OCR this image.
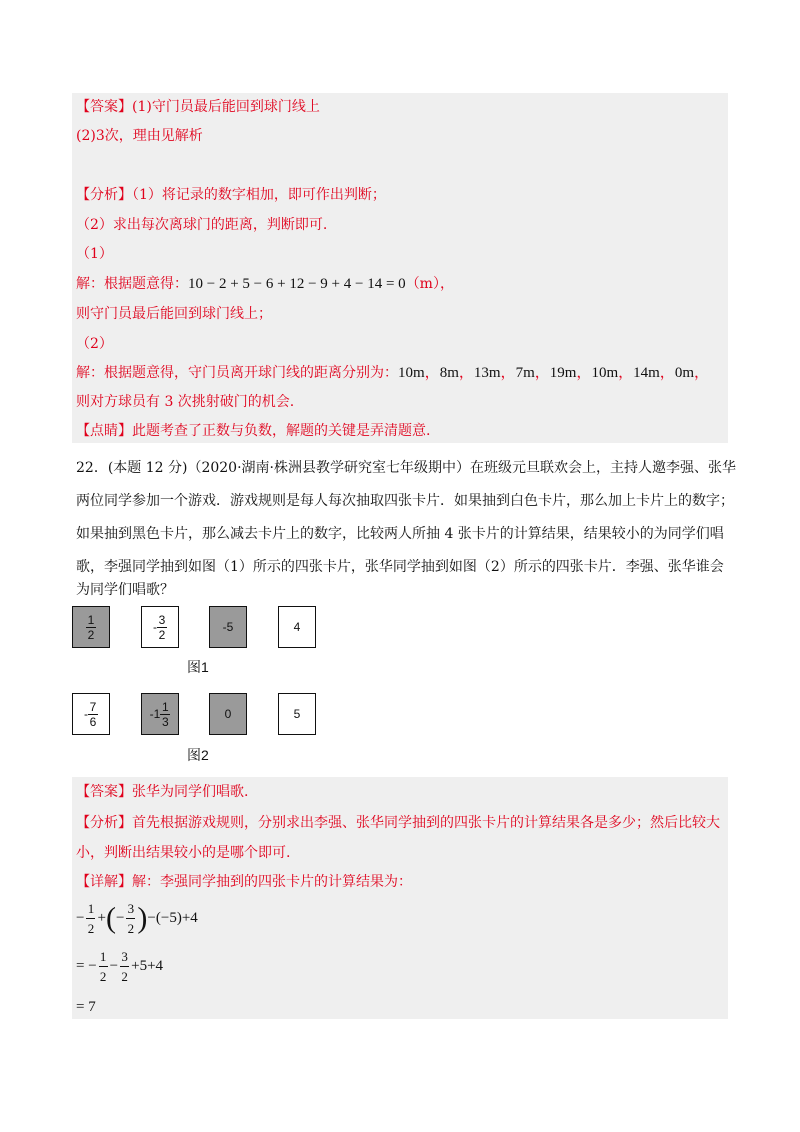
【答案】(1)守门员最后能回到球门线上
(2)3次，理由见解析
【分析】（1）将记录的数字相加，即可作出判断；
（2）求出每次离球门的距离，判断即可.
（1）
解：根据题意得：10 − 2 + 5 − 6 + 12 − 9 + 4 − 14 = 0（m），
则守门员最后能回到球门线上；
（2）
解：根据题意得，守门员离开球门线的距离分别为：10m，8m，13m，7m，19m，10m，14m，0m，
则对方球员有 3 次挑射破门的机会.
【点睛】此题考查了正数与负数，解题的关键是弄清题意.
22．(本题 12 分)（2020·湖南·株洲县教学研究室七年级期中）在班级元旦联欢会上，主持人邀李强、张华
两位同学参加一个游戏．游戏规则是每人每次抽取四张卡片．如果抽到白色卡片，那么加上卡片上的数字；
如果抽到黑色卡片，那么减去卡片上的数字，比较两人所抽 4 张卡片的计算结果，结果较小的为同学们唱
歌，李强同学抽到如图（1）所示的四张卡片，张华同学抽到如图（2）所示的四张卡片．李强、张华谁会
为同学们唱歌？
$\frac{1}{2}$	- $\frac{3}{2}$	-5	4
图1
- $\frac{7}{6}$	$-1 \frac{1}{3}$	0	5
图2
【答案】张华为同学们唱歌.
【分析】首先根据游戏规则，分别求出李强、张华同学抽到的四张卡片的计算结果各是多少；然后比较大
小，判断出结果较小的是哪个即可.
【详解】解：李强同学抽到的四张卡片的计算结果为：
− $\frac{1}{2}$ +(− $\frac{3}{2} )-(-5)+4$
= − $\frac{1}{2} - \frac{3}{2} +5+4$
= 7
